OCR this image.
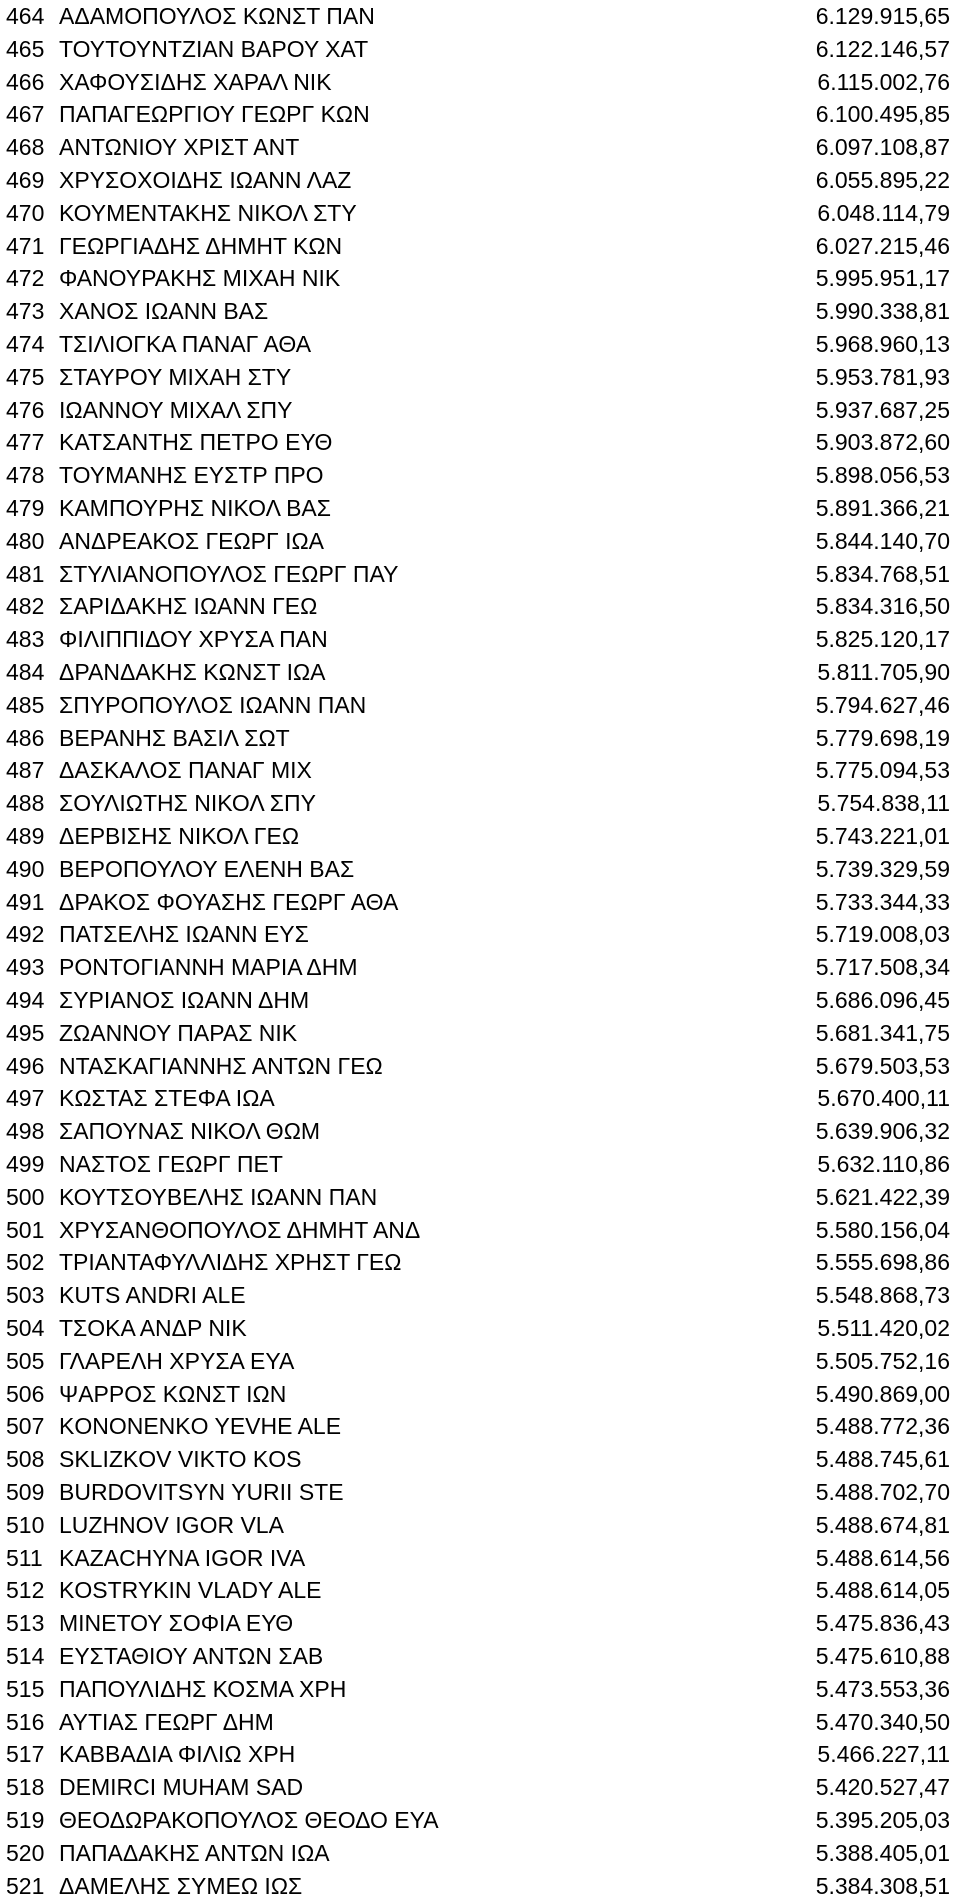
464 ΑΔΑΜΟΠΟΥΛΟΣ ΚΩΝΣΤ ΠΑΝ	6.129.915,65
465 ΤΟΥΤΟΥΝΤΖΙΑΝ ΒΑΡΟΥ ΧΑΤ	6.122.146,57
466 ΧΑΦΟΥΣΙΔΗΣ ΧΑΡΑΛ ΝΙΚ	6.115.002,76
467 ΠΑΠΑΓΕΩΡΓΙΟΥ ΓΕΩΡΓ ΚΩΝ	6.100.495,85
468 ΑΝΤΩΝΙΟΥ ΧΡΙΣΤ ΑΝΤ	6.097.108,87
469 ΧΡΥΣΟΧΟΙΔΗΣ ΙΩΑΝΝ ΛΑΖ	6.055.895,22
470 ΚΟΥΜΕΝΤΑΚΗΣ ΝΙΚΟΛ ΣΤΥ	6.048.114,79
471 ΓΕΩΡΓΙΑΔΗΣ ΔΗΜΗΤ ΚΩΝ	6.027.215,46
472 ΦΑΝΟΥΡΑΚΗΣ ΜΙΧΑΗ ΝΙΚ	5.995.951,17
473 ΧΑΝΟΣ ΙΩΑΝΝ ΒΑΣ	5.990.338,81
474 ΤΣΙΛΙΟΓΚΑ ΠΑΝΑΓ ΑΘΑ	5.968.960,13
475 ΣΤΑΥΡΟΥ ΜΙΧΑΗ ΣΤΥ	5.953.781,93
476 ΙΩΑΝΝΟΥ ΜΙΧΑΛ ΣΠΥ	5.937.687,25
477 ΚΑΤΣΑΝΤΗΣ ΠΕΤΡΟ ΕΥΘ	5.903.872,60
478 ΤΟΥΜΑΝΗΣ ΕΥΣΤΡ ΠΡΟ	5.898.056,53
479 ΚΑΜΠΟΥΡΗΣ ΝΙΚΟΛ ΒΑΣ	5.891.366,21
480 ΑΝΔΡΕΑΚΟΣ ΓΕΩΡΓ ΙΩΑ	5.844.140,70
481 ΣΤΥΛΙΑΝΟΠΟΥΛΟΣ ΓΕΩΡΓ ΠΑΥ	5.834.768,51
482 ΣΑΡΙΔΑΚΗΣ ΙΩΑΝΝ ΓΕΩ	5.834.316,50
483 ΦΙΛΙΠΠΙΔΟΥ ΧΡΥΣΑ ΠΑΝ	5.825.120,17
484 ΔΡΑΝΔΑΚΗΣ ΚΩΝΣΤ ΙΩΑ	5.811.705,90
485 ΣΠΥΡΟΠΟΥΛΟΣ ΙΩΑΝΝ ΠΑΝ	5.794.627,46
486 ΒΕΡΑΝΗΣ ΒΑΣΙΛ ΣΩΤ	5.779.698,19
487 ΔΑΣΚΑΛΟΣ ΠΑΝΑΓ ΜΙΧ	5.775.094,53
488 ΣΟΥΛΙΩΤΗΣ ΝΙΚΟΛ ΣΠΥ	5.754.838,11
489 ΔΕΡΒΙΣΗΣ ΝΙΚΟΛ ΓΕΩ	5.743.221,01
490 ΒΕΡΟΠΟΥΛΟΥ ΕΛΕΝΗ ΒΑΣ	5.739.329,59
491 ΔΡΑΚΟΣ ΦΟΥΑΣΗΣ ΓΕΩΡΓ ΑΘΑ	5.733.344,33
492 ΠΑΤΣΕΛΗΣ ΙΩΑΝΝ ΕΥΣ	5.719.008,03
493 ΡΟΝΤΟΓΙΑΝΝΗ ΜΑΡΙΑ ΔΗΜ	5.717.508,34
494 ΣΥΡΙΑΝΟΣ ΙΩΑΝΝ ΔΗΜ	5.686.096,45
495 ΖΩΑΝΝΟΥ ΠΑΡΑΣ ΝΙΚ	5.681.341,75
496 ΝΤΑΣΚΑΓΙΑΝΝΗΣ ΑΝΤΩΝ ΓΕΩ	5.679.503,53
497 ΚΩΣΤΑΣ ΣΤΕΦΑ ΙΩΑ	5.670.400,11
498 ΣΑΠΟΥΝΑΣ ΝΙΚΟΛ ΘΩΜ	5.639.906,32
499 ΝΑΣΤΟΣ ΓΕΩΡΓ ΠΕΤ	5.632.110,86
500 ΚΟΥΤΣΟΥΒΕΛΗΣ ΙΩΑΝΝ ΠΑΝ	5.621.422,39
501 ΧΡΥΣΑΝΘΟΠΟΥΛΟΣ ΔΗΜΗΤ ΑΝΔ	5.580.156,04
502 ΤΡΙΑΝΤΑΦΥΛΛΙΔΗΣ ΧΡΗΣΤ ΓΕΩ	5.555.698,86
503 KUTS ANDRI ALE	5.548.868,73
504 ΤΣΟΚΑ ΑΝΔΡ ΝΙΚ	5.511.420,02
505 ΓΛΑΡΕΛΗ ΧΡΥΣΑ ΕΥΑ	5.505.752,16
506 ΨΑΡΡΟΣ ΚΩΝΣΤ ΙΩΝ	5.490.869,00
507 KONONENKO YEVHE ALE	5.488.772,36
508 SKLIZKOV VIKTO KOS	5.488.745,61
509 BURDOVITSYN YURII STE	5.488.702,70
510 LUZHNOV IGOR VLA	5.488.674,81
511 KAZACHYNA IGOR IVA	5.488.614,56
512 KOSTRYKIN VLADY ALE	5.488.614,05
513 ΜΙΝΕΤΟΥ ΣΟΦΙΑ ΕΥΘ	5.475.836,43
514 ΕΥΣΤΑΘΙΟΥ ΑΝΤΩΝ ΣΑΒ	5.475.610,88
515 ΠΑΠΟΥΛΙΔΗΣ ΚΟΣΜΑ ΧΡΗ	5.473.553,36
516 ΑΥΤΙΑΣ ΓΕΩΡΓ ΔΗΜ	5.470.340,50
517 ΚΑΒΒΑΔΙΑ ΦΙΛΙΩ ΧΡΗ	5.466.227,11
518 DEMIRCI MUHAM SAD	5.420.527,47
519 ΘΕΟΔΩΡΑΚΟΠΟΥΛΟΣ ΘΕΟΔΟ ΕΥΑ	5.395.205,03
520 ΠΑΠΑΔΑΚΗΣ ΑΝΤΩΝ ΙΩΑ	5.388.405,01
521 ΔΑΜΕΛΗΣ ΣΥΜΕΩ ΙΩΣ	5.384.308,51
